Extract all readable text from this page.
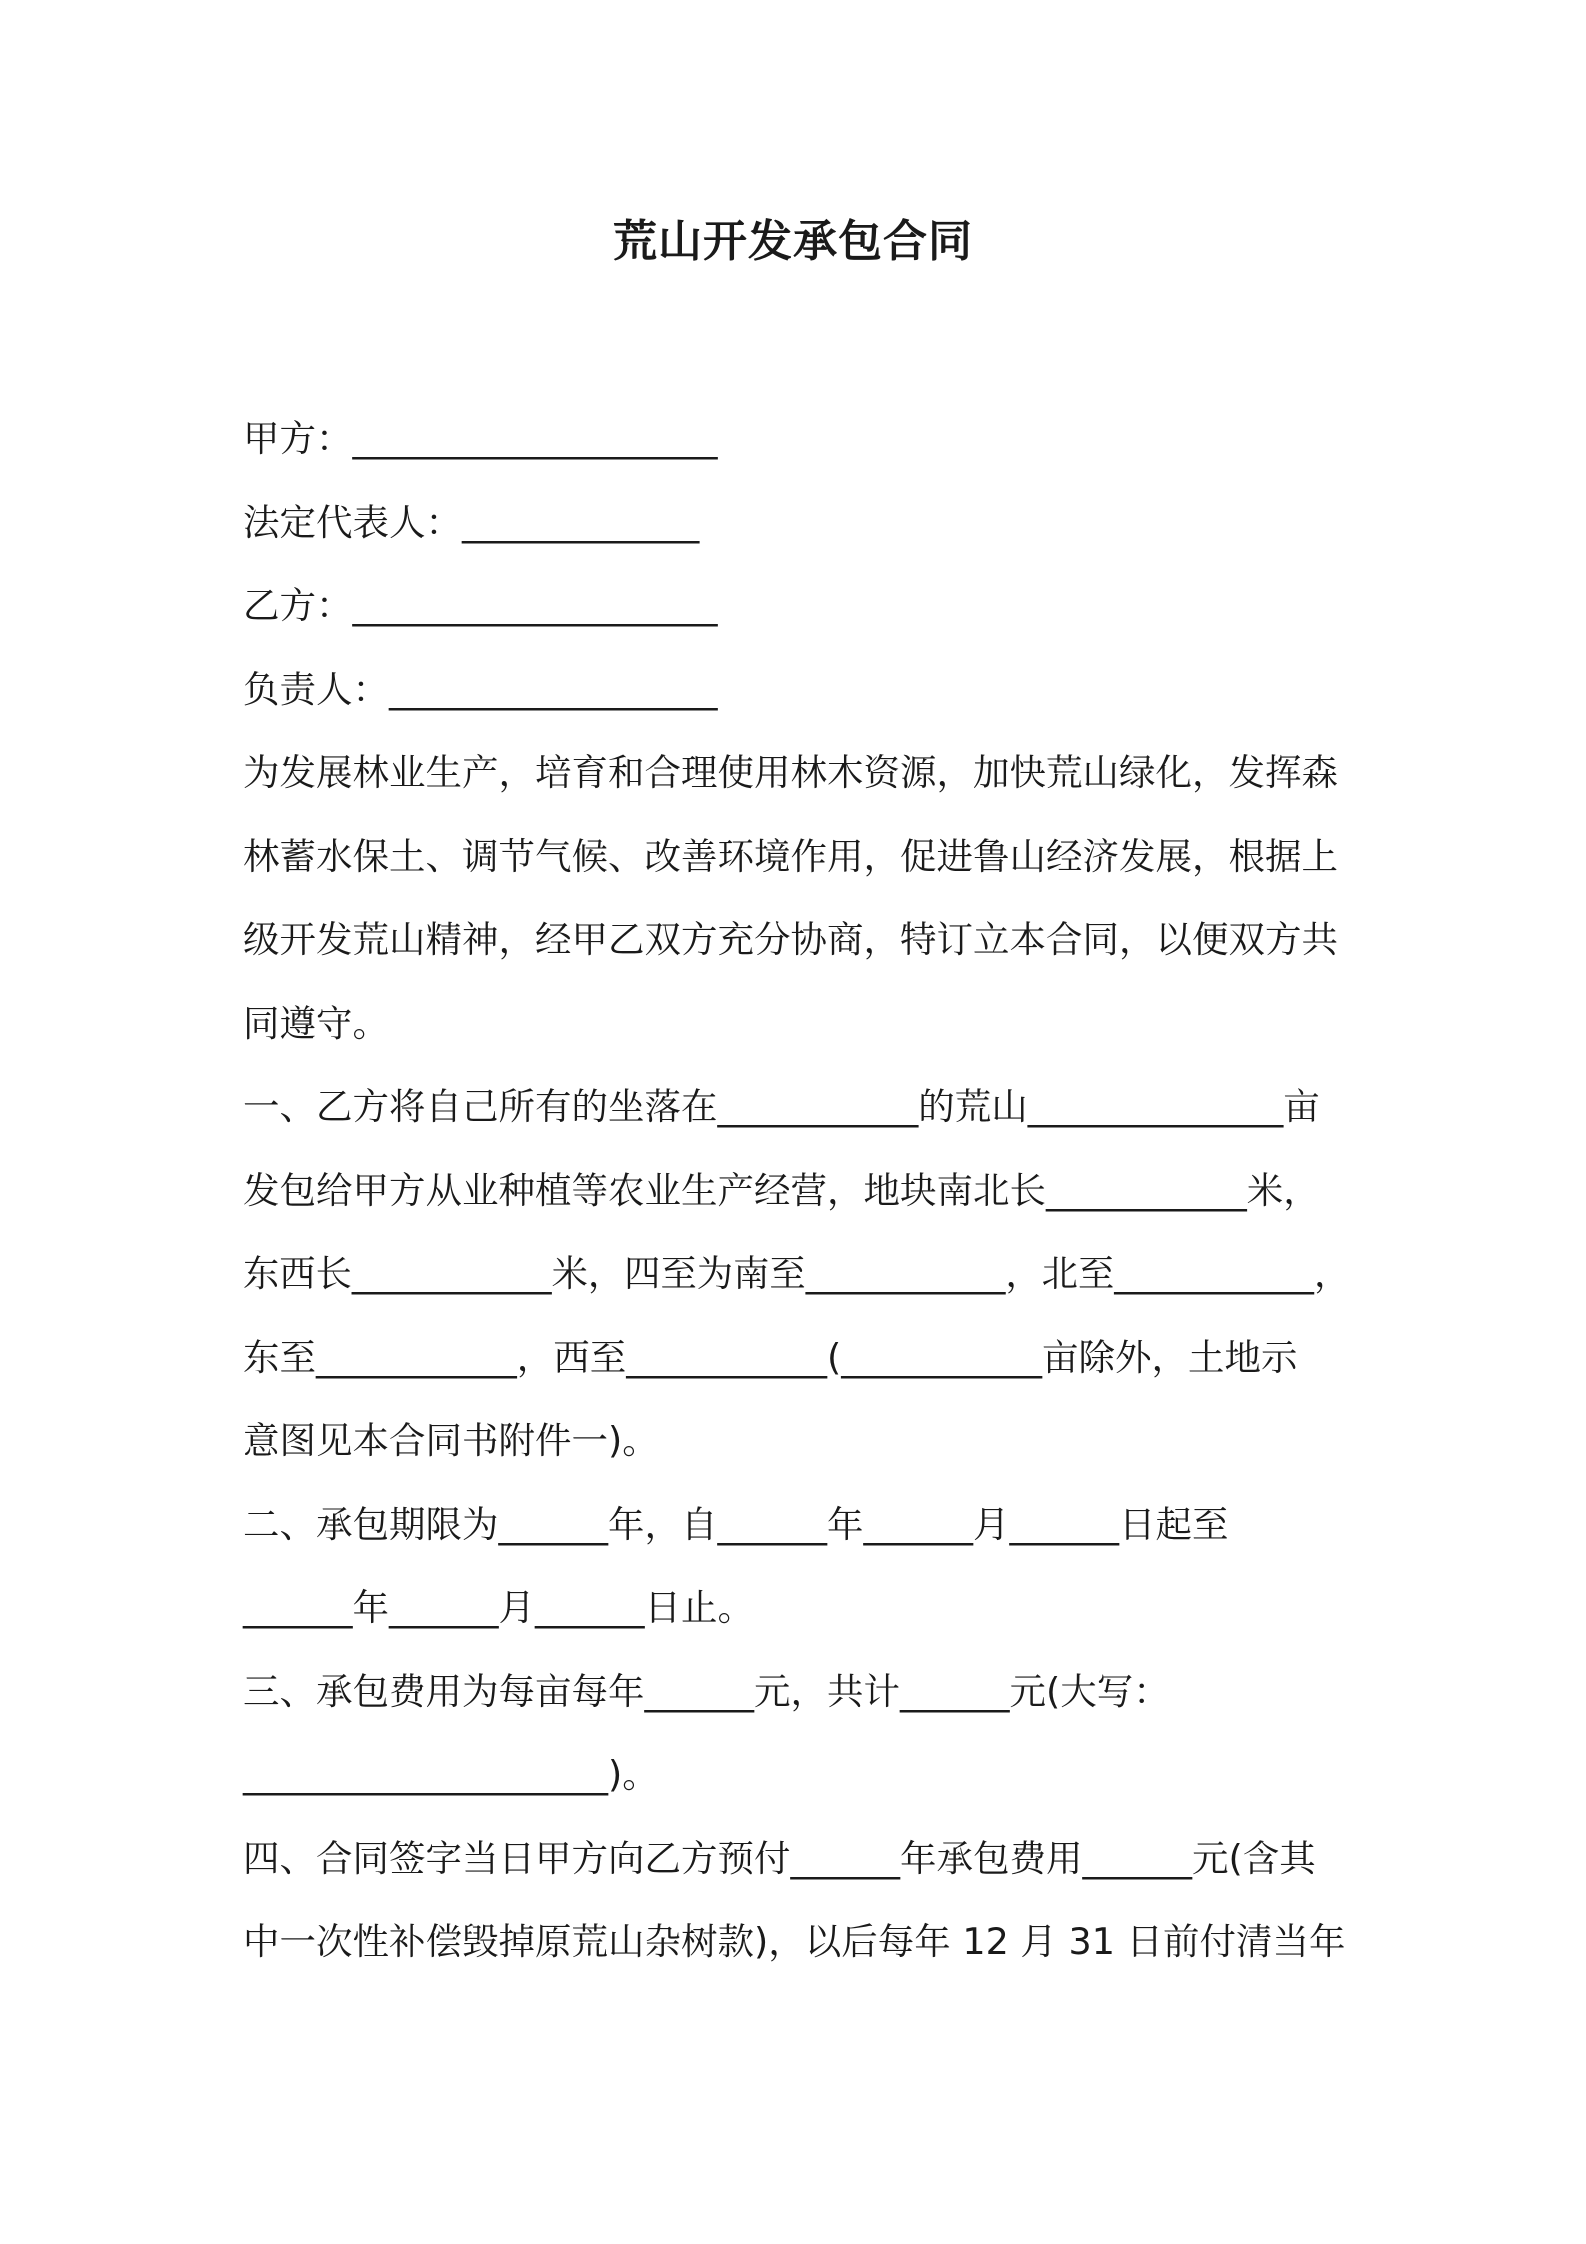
荒山开发承包合同
甲方：____________________
法定代表人：_____________
乙方：____________________
负责人：__________________
为发展林业生产，培育和合理使用林木资源，加快荒山绿化，发挥森
林蓄水保土、调节气候、改善环境作用，促进鲁山经济发展，根据上
级开发荒山精神，经甲乙双方充分协商，特订立本合同，以便双方共
同遵守。
一、乙方将自己所有的坐落在___________的荒山______________亩
发包给甲方从业种植等农业生产经营，地块南北长___________米，
东西长___________米，四至为南至___________，北至___________，
东至___________，西至___________(___________亩除外，土地示
意图见本合同书附件一)。
二、承包期限为______年，自______年______月______日起至
______年______月______日止。
三、承包费用为每亩每年______元，共计______元(大写：
____________________)。
四、合同签字当日甲方向乙方预付______年承包费用______元(含其
中一次性补偿毁掉原荒山杂树款)，以后每年 12 月 31 日前付清当年
